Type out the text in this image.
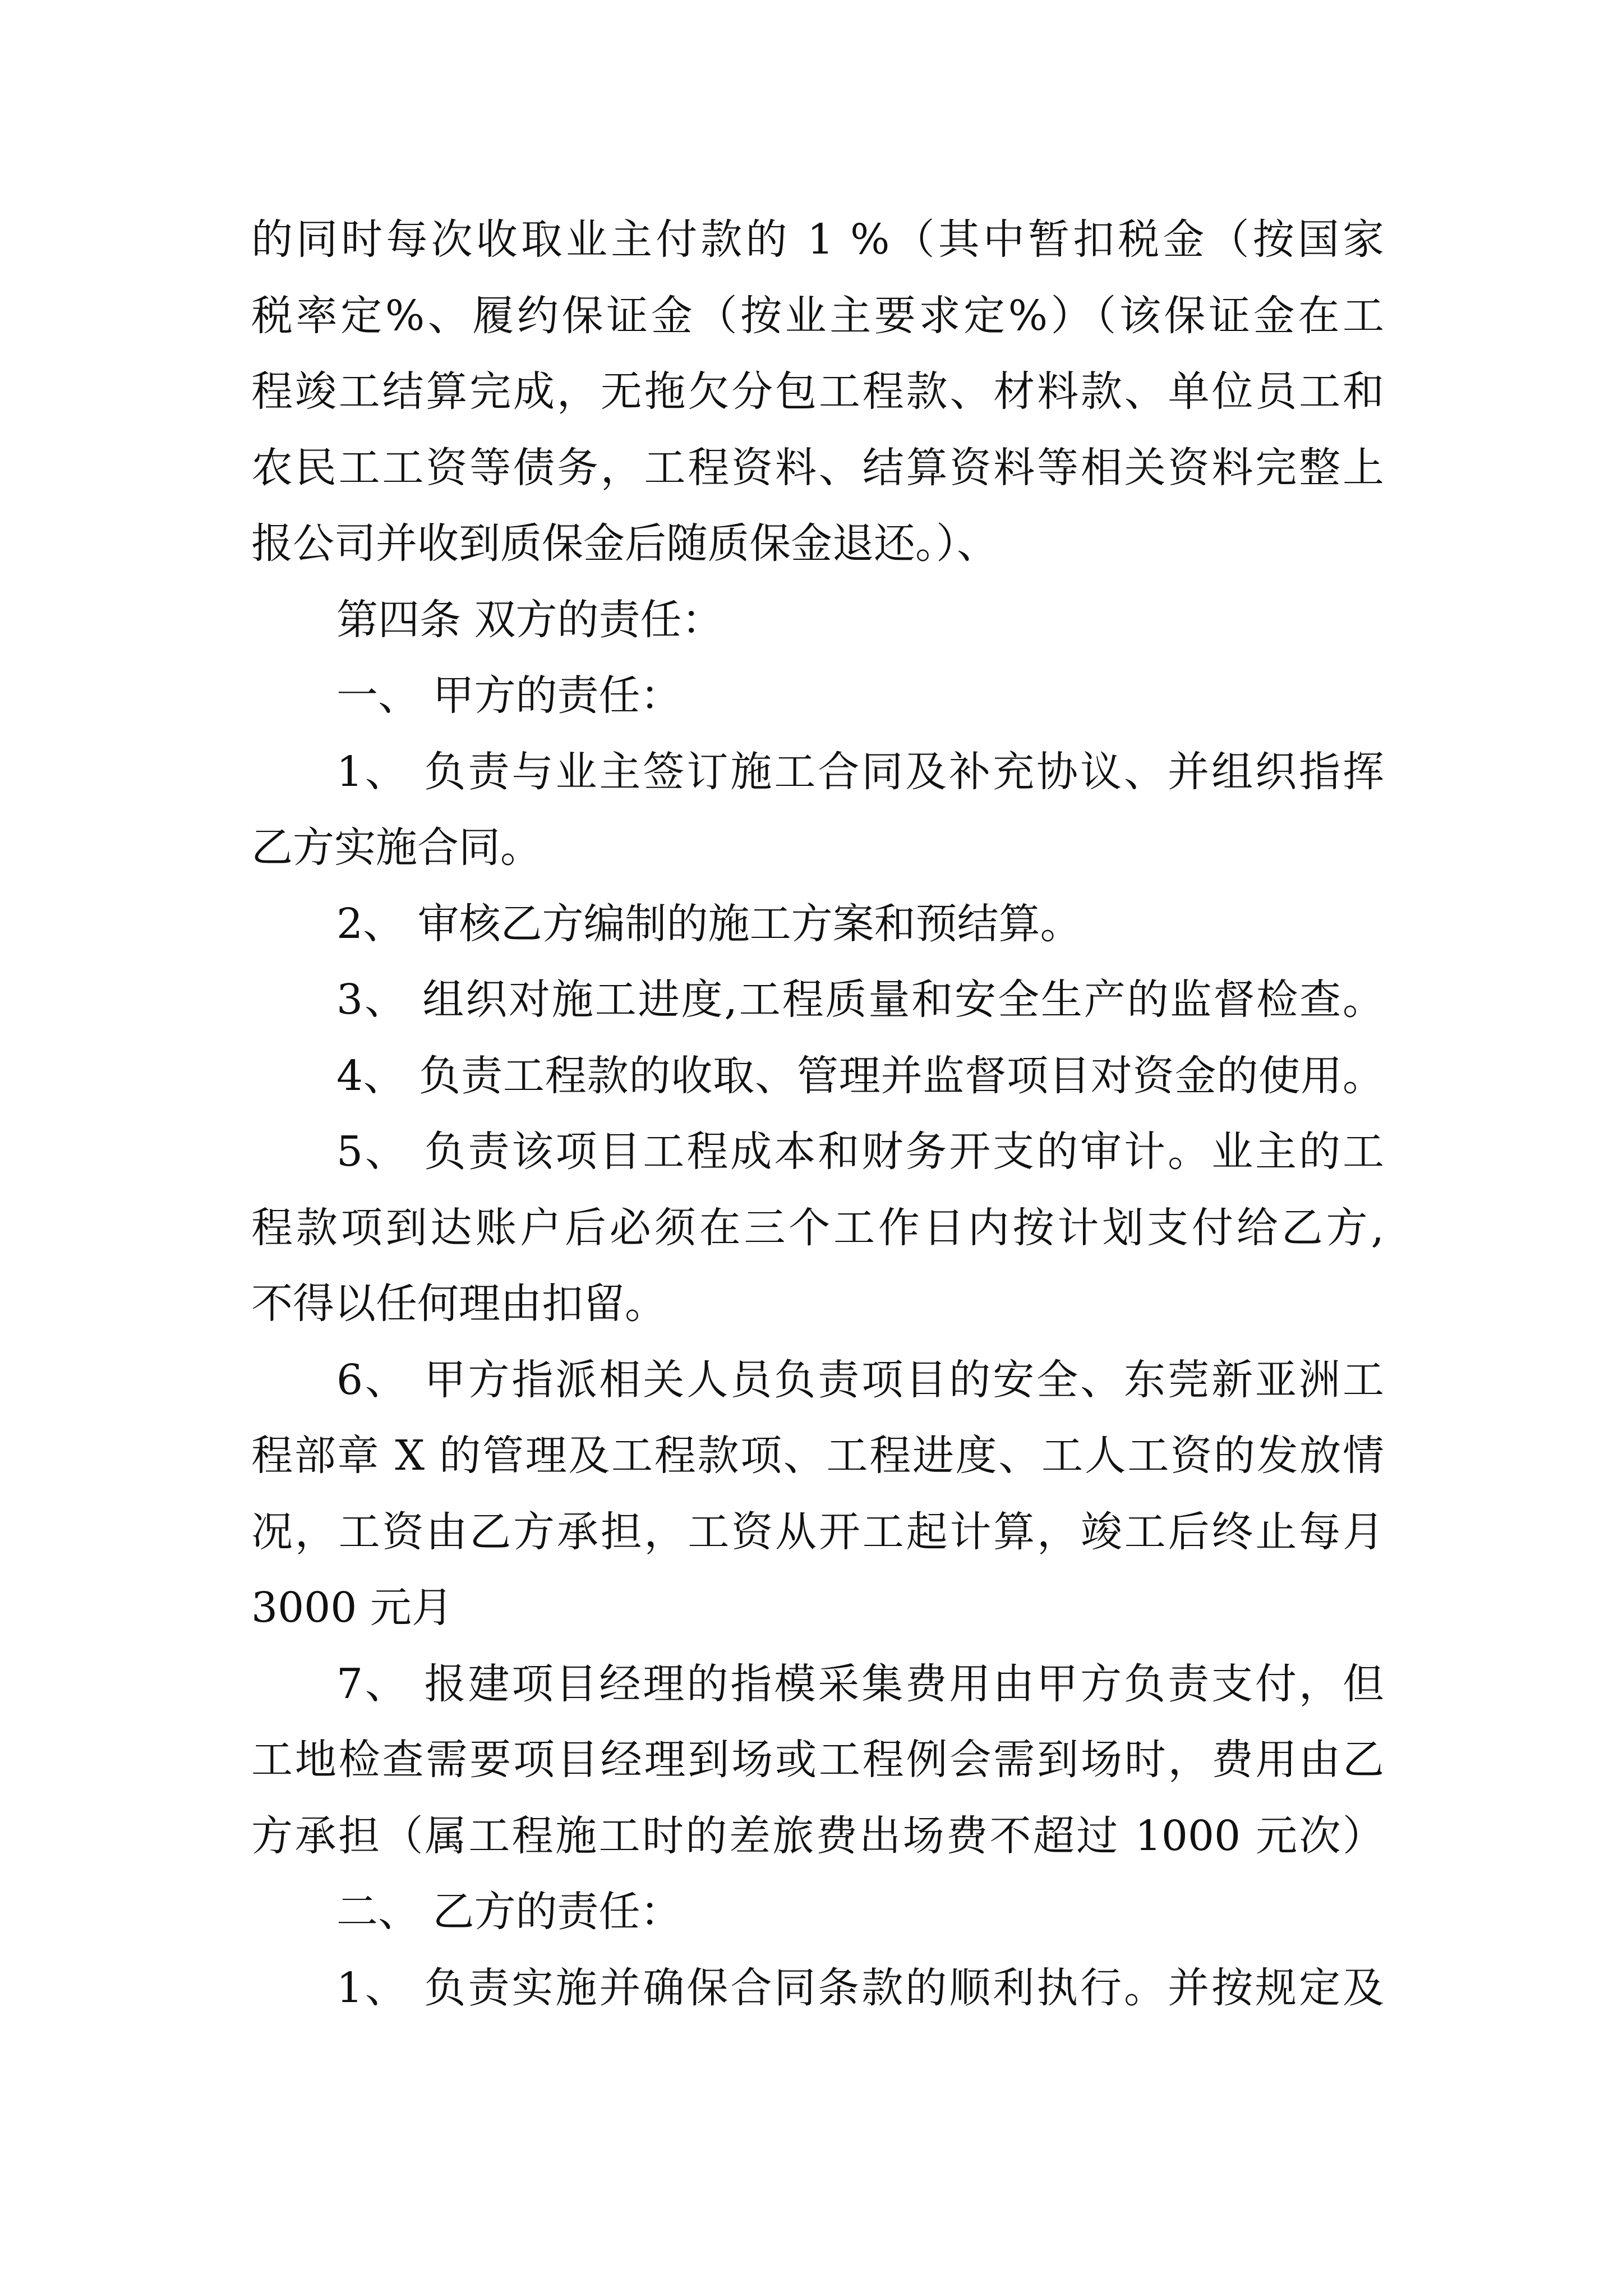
的同时每次收取业主付款的 1 %（其中暂扣税金（按国家
税率定%、履约保证金（按业主要求定%）（该保证金在工
程竣工结算完成，无拖欠分包工程款、材料款、单位员工和
农民工工资等债务，工程资料、结算资料等相关资料完整上
报公司并收到质保金后随质保金退还。）、
第四条 双方的责任：
一、 甲方的责任：
1、 负责与业主签订施工合同及补充协议、并组织指挥
乙方实施合同。
2、 审核乙方编制的施工方案和预结算。
3、 组织对施工进度,工程质量和安全生产的监督检查。
4、 负责工程款的收取、管理并监督项目对资金的使用。
5、 负责该项目工程成本和财务开支的审计。业主的工
程款项到达账户后必须在三个工作日内按计划支付给乙方,
不得以任何理由扣留。
6、 甲方指派相关人员负责项目的安全、东莞新亚洲工
程部章 X 的管理及工程款项、工程进度、工人工资的发放情
况，工资由乙方承担，工资从开工起计算，竣工后终止每月
3000 元月
7、 报建项目经理的指模采集费用由甲方负责支付，但
工地检查需要项目经理到场或工程例会需到场时，费用由乙
方承担（属工程施工时的差旅费出场费不超过 1000 元次）
二、 乙方的责任：
1、 负责实施并确保合同条款的顺利执行。并按规定及
